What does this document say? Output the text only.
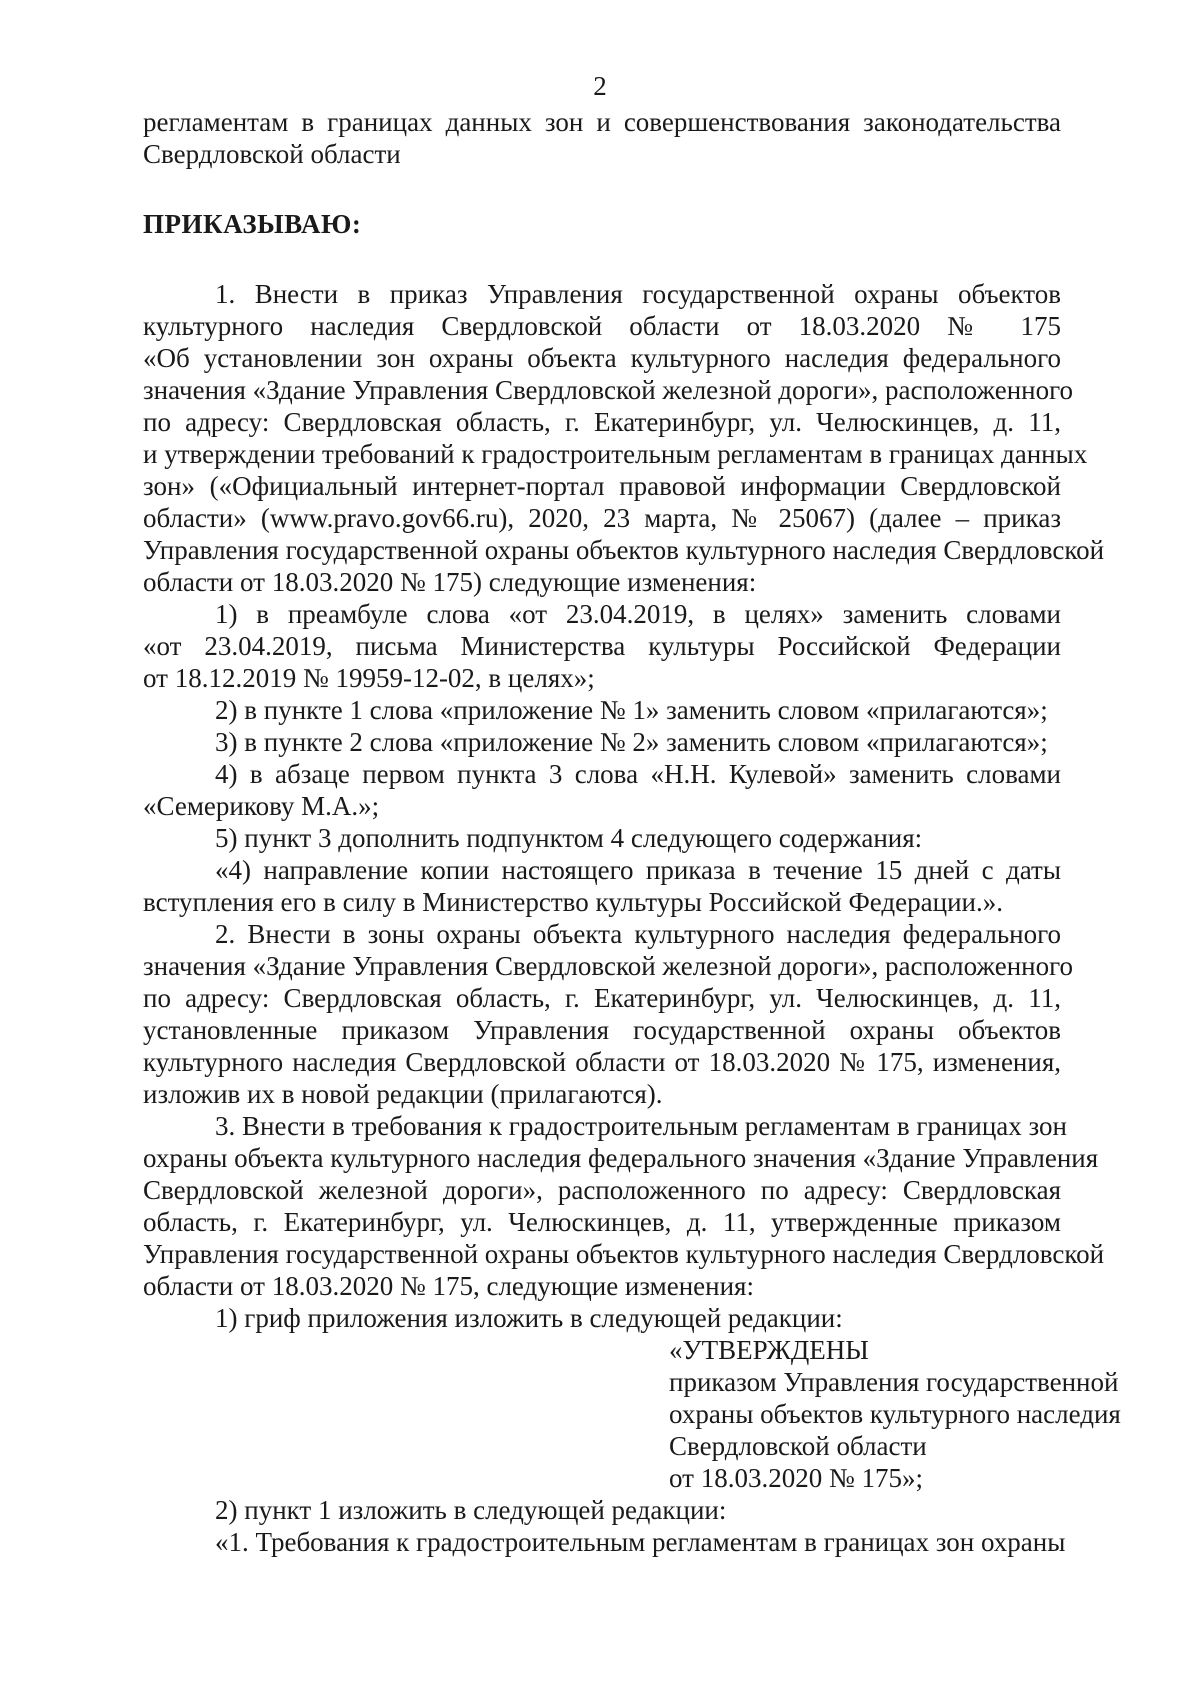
2
регламентам в границах данных зон и совершенствования законодательства
Свердловской области
ПРИКАЗЫВАЮ:
1. Внести в приказ Управления государственной охраны объектов
культурного наследия Свердловской области от 18.03.2020 № 175
«Об установлении зон охраны объекта культурного наследия федерального
значения «Здание Управления Свердловской железной дороги», расположенного
по адресу: Свердловская область, г. Екатеринбург, ул. Челюскинцев, д. 11,
и утверждении требований к градостроительным регламентам в границах данных
зон» («Официальный интернет-портал правовой информации Свердловской
области» (www.pravo.gov66.ru), 2020, 23 марта, № 25067) (далее – приказ
Управления государственной охраны объектов культурного наследия Свердловской
области от 18.03.2020 № 175) следующие изменения:
1) в преамбуле слова «от 23.04.2019, в целях» заменить словами
«от 23.04.2019, письма Министерства культуры Российской Федерации
от 18.12.2019 № 19959-12-02, в целях»;
2) в пункте 1 слова «приложение № 1» заменить словом «прилагаются»;
3) в пункте 2 слова «приложение № 2» заменить словом «прилагаются»;
4) в абзаце первом пункта 3 слова «Н.Н. Кулевой» заменить словами
«Семерикову М.А.»;
5) пункт 3 дополнить подпунктом 4 следующего содержания:
«4) направление копии настоящего приказа в течение 15 дней с даты
вступления его в силу в Министерство культуры Российской Федерации.».
2. Внести в зоны охраны объекта культурного наследия федерального
значения «Здание Управления Свердловской железной дороги», расположенного
по адресу: Свердловская область, г. Екатеринбург, ул. Челюскинцев, д. 11,
установленные приказом Управления государственной охраны объектов
культурного наследия Свердловской области от 18.03.2020 № 175, изменения,
изложив их в новой редакции (прилагаются).
3. Внести в требования к градостроительным регламентам в границах зон
охраны объекта культурного наследия федерального значения «Здание Управления
Свердловской железной дороги», расположенного по адресу: Свердловская
область, г. Екатеринбург, ул. Челюскинцев, д. 11, утвержденные приказом
Управления государственной охраны объектов культурного наследия Свердловской
области от 18.03.2020 № 175, следующие изменения:
1) гриф приложения изложить в следующей редакции:
«УТВЕРЖДЕНЫ
приказом Управления государственной
охраны объектов культурного наследия
Свердловской области
от 18.03.2020 № 175»;
2) пункт 1 изложить в следующей редакции:
«1. Требования к градостроительным регламентам в границах зон охраны
